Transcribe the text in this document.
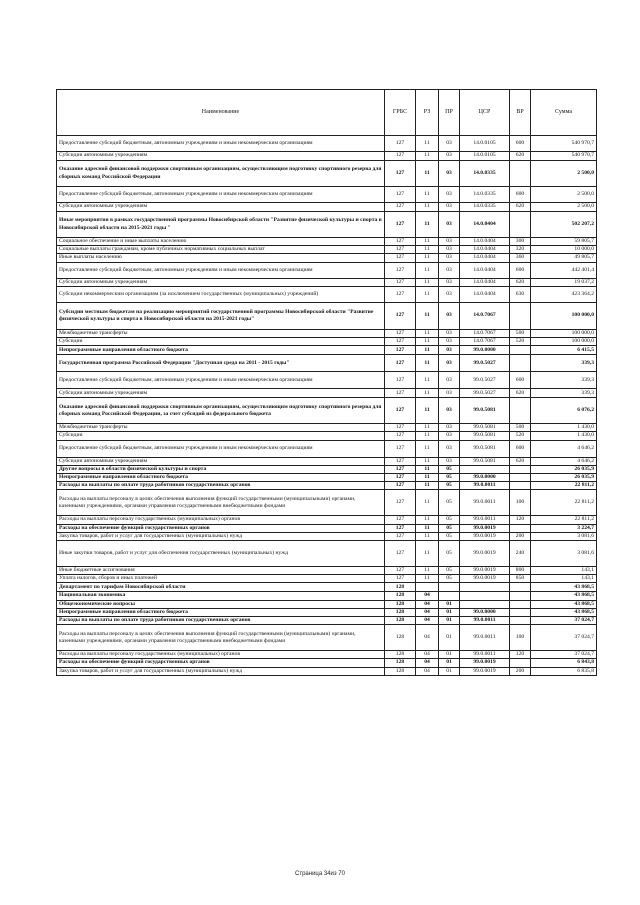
Наименование	ГРБС	РЗ	ПР	ЦСР	ВР	Сумма
Предоставление субсидий бюджетным, автономным учреждениям и иным некоммерческим организациям	127	11	03	14.0.0105	600	540 970,7
Субсидии автономным учреждениям	127	11	03	14.0.0105	620	540 970,7
Оказание адресной финансовой поддержки спортивным организациям, осуществляющим подготовку спортивного резерва для сборных команд Российской Федерации	127	11	03	14.0.0335		2 500,0
Предоставление субсидий бюджетным, автономным учреждениям и иным некоммерческим организациям	127	11	03	14.0.0335	600	2 500,0
Субсидии автономным учреждениям	127	11	03	14.0.0335	620	2 500,0
Иные мероприятия в рамках государственной программы Новосибирской области "Развитие физической культуры и спорта в Новосибирской области на 2015-2021 годы "	127	11	03	14.0.0404		502 207,2
Социальное обеспечение и иные выплаты населению	127	11	03	14.0.0404	300	59 805,7
Социальные выплаты гражданам, кроме публичных нормативных социальных выплат	127	11	03	14.0.0404	320	10 000,0
Иные выплаты населению	127	11	03	14.0.0404	360	49 805,7
Предоставление субсидий бюджетным, автономным учреждениям и иным некоммерческим организациям	127	11	03	14.0.0404	600	442 401,4
Субсидии автономным учреждениям	127	11	03	14.0.0404	620	19 037,2
Субсидии некоммерческим организациям (за исключением государственных (муниципальных) учреждений)	127	11	03	14.0.0404	630	423 364,2
Субсидии местным бюджетам на реализацию мероприятий государственной программы Новосибирской области "Развитие физической культуры и спорта в Новосибирской области на 2015-2021 годы"	127	11	03	14.0.7067		100 000,0
Межбюджетные трансферты	127	11	03	14.0.7067	500	100 000,0
Субсидии	127	11	03	14.0.7067	520	100 000,0
Непрограммные направления областного бюджета	127	11	03	99.0.0000		6 415,5
Государственная программа Российской Федерации "Доступная среда на 2011 - 2015 годы"	127	11	03	99.0.5027		339,3
Предоставление субсидий бюджетным, автономным учреждениям и иным некоммерческим организациям	127	11	03	99.0.5027	600	339,3
Субсидии автономным учреждениям	127	11	03	99.0.5027	620	339,3
Оказание адресной финансовой поддержки спортивным организациям, осуществляющим подготовку спортивного резерва для сборных команд Российской Федерации, за счет субсидий из федерального бюджета	127	11	03	99.0.5081		6 076,2
Межбюджетные трансферты	127	11	03	99.0.5081	500	1 430,0
Субсидии	127	11	03	99.0.5081	520	1 430,0
Предоставление субсидий бюджетным, автономным учреждениям и иным некоммерческим организациям	127	11	03	99.0.5081	600	4 646,2
Субсидии автономным учреждениям	127	11	03	99.0.5081	620	4 646,2
Другие вопросы в области физической культуры и спорта	127	11	05			26 035,9
Непрограммные направления областного бюджета	127	11	05	99.0.0000		26 035,9
Расходы на выплаты по оплате труда работников государственных органов	127	11	05	99.0.0011		22 811,2
Расходы на выплаты персоналу в целях обеспечения выполнения функций государственными (муниципальными) органами, казенными учреждениями, органами управления государственными внебюджетными фондами	127	11	05	99.0.0011	100	22 811,2
Расходы на выплаты персоналу государственных (муниципальных) органов	127	11	05	99.0.0011	120	22 811,2
Расходы на обеспечение функций государственных органов	127	11	05	99.0.0019		3 224,7
Закупка товаров, работ и услуг для государственных (муниципальных) нужд	127	11	05	99.0.0019	200	3 081,6
Иные закупки товаров, работ и услуг для обеспечения государственных (муниципальных) нужд	127	11	05	99.0.0019	240	3 081,6
Иные бюджетные ассигнования	127	11	05	99.0.0019	800	143,1
Уплата налогов, сборов и иных платежей	127	11	05	99.0.0019	850	143,1
Департамент по тарифам Новосибирской области	128					43 868,5
Национальная экономика	128	04				43 868,5
Общеэкономические вопросы	128	04	01			43 868,5
Непрограммные направления областного бюджета	128	04	01	99.0.0000		43 868,5
Расходы на выплаты по оплате труда работников государственных органов	128	04	01	99.0.0011		37 024,7
Расходы на выплаты персоналу в целях обеспечения выполнения функций государственными (муниципальными) органами, казенными учреждениями, органами управления государственными внебюджетными фондами	128	04	01	99.0.0011	100	37 024,7
Расходы на выплаты персоналу государственных (муниципальных) органов	128	04	01	99.0.0011	120	37 024,7
Расходы на обеспечение функций государственных органов	128	04	01	99.0.0019		6 843,8
Закупка товаров, работ и услуг для государственных (муниципальных) нужд	128	04	01	99.0.0019	200	6 835,8
Страница 34из 70
